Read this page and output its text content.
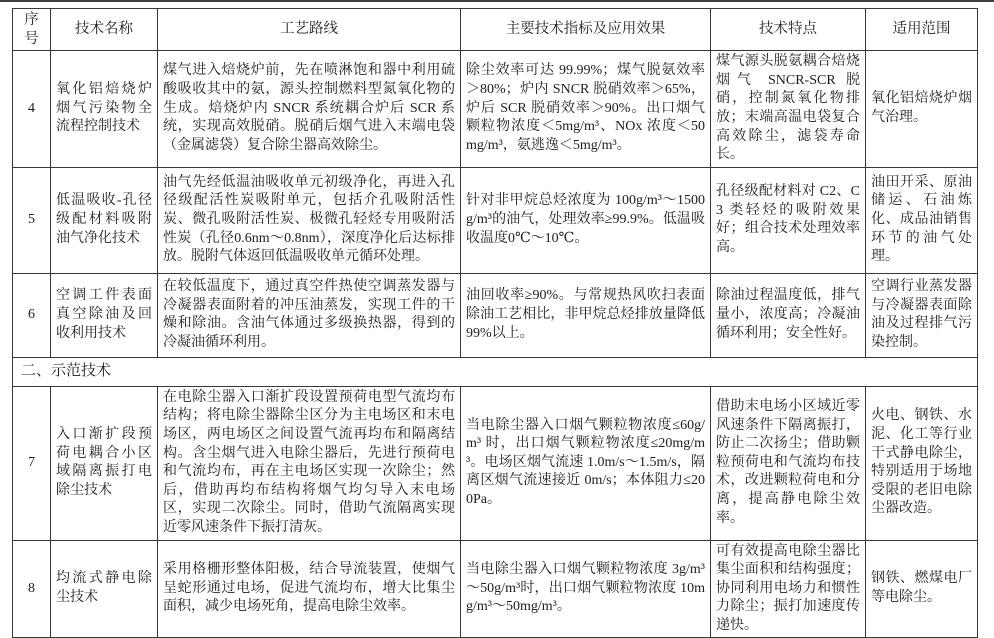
序号	技术名称	工艺路线	主要技术指标及应用效果	技术特点	适用范围
4	氧化铝焙烧炉烟气污染物全流程控制技术	煤气进入焙烧炉前，先在喷淋饱和器中利用硫酸吸收其中的氨，源头控制燃料型氮氧化物的生成。焙烧炉内 SNCR 系统耦合炉后 SCR 系统，实现高效脱硝。脱硝后烟气进入末端电袋（金属滤袋）复合除尘器高效除尘。	除尘效率可达 99.99%；煤气脱氨效率＞80%；炉内 SNCR 脱硝效率＞65%，炉后 SCR 脱硝效率＞90%。出口烟气颗粒物浓度＜5mg/m³、NOx 浓度＜50mg/m³，氨逃逸＜5mg/m³。	煤气源头脱氨耦合焙烧烟气 SNCR-SCR 脱硝，控制氮氧化物排放；末端高温电袋复合高效除尘，滤袋寿命长。	氧化铝焙烧炉烟气治理。
5	低温吸收-孔径级配材料吸附油气净化技术	油气先经低温油吸收单元初级净化，再进入孔径级配活性炭吸附单元，包括介孔吸附活性炭、微孔吸附活性炭、极微孔轻烃专用吸附活性炭（孔径0.6nm～0.8nm），深度净化后达标排放。脱附气体返回低温吸收单元循环处理。	针对非甲烷总烃浓度为 100g/m³～1500g/m³的油气，处理效率≥99.9%。低温吸收温度0℃～10℃。	孔径级配材料对 C2、C3 类轻烃的吸附效果好；组合技术处理效率高。	油田开采、原油储运、石油炼化、成品油销售环节的油气处理。
6	空调工件表面真空除油及回收利用技术	在较低温度下，通过真空件热使空调蒸发器与冷凝器表面附着的冲压油蒸发，实现工件的干燥和除油。含油气体通过多级换热器，得到的冷凝油循环利用。	油回收率≥90%。与常规热风吹扫表面除油工艺相比，非甲烷总烃排放量降低99%以上。	除油过程温度低，排气量小，浓度高；冷凝油循环利用；安全性好。	空调行业蒸发器与冷凝器表面除油及过程排气污染控制。
二、示范技术					
7	入口渐扩段预荷电耦合小区域隔离振打电除尘技术	在电除尘器入口渐扩段设置预荷电型气流均布结构；将电除尘器除尘区分为主电场区和末电场区，两电场区之间设置气流再均布和隔离结构。含尘烟气进入电除尘器后，先进行预荷电和气流均布，再在主电场区实现一次除尘；然后，借助再均布结构将烟气均匀导入末电场区，实现二次除尘。同时，借助气流隔离实现近零风速条件下振打清灰。	当电除尘器入口烟气颗粒物浓度≤60g/m³ 时，出口烟气颗粒物浓度≤20mg/m³。电场区烟气流速 1.0m/s～1.5m/s，隔离区烟气流速接近 0m/s；本体阻力≤200Pa。	借助末电场小区域近零风速条件下隔离振打，防止二次扬尘；借助颗粒预荷电和气流均布技术，改进颗粒荷电和分离，提高静电除尘效率。	火电、钢铁、水泥、化工等行业干式静电除尘，特别适用于场地受限的老旧电除尘器改造。
8	均流式静电除尘技术	采用格栅形整体阳极，结合导流装置，使烟气呈蛇形通过电场，促进气流均布，增大比集尘面积，减少电场死角，提高电除尘效率。	当电除尘器入口烟气颗粒物浓度 3g/m³～50g/m³时，出口烟气颗粒物浓度 10mg/m³～50mg/m³。	可有效提高电除尘器比集尘面积和结构强度；协同利用电场力和惯性力除尘；振打加速度传递快。	钢铁、燃煤电厂等电除尘。
